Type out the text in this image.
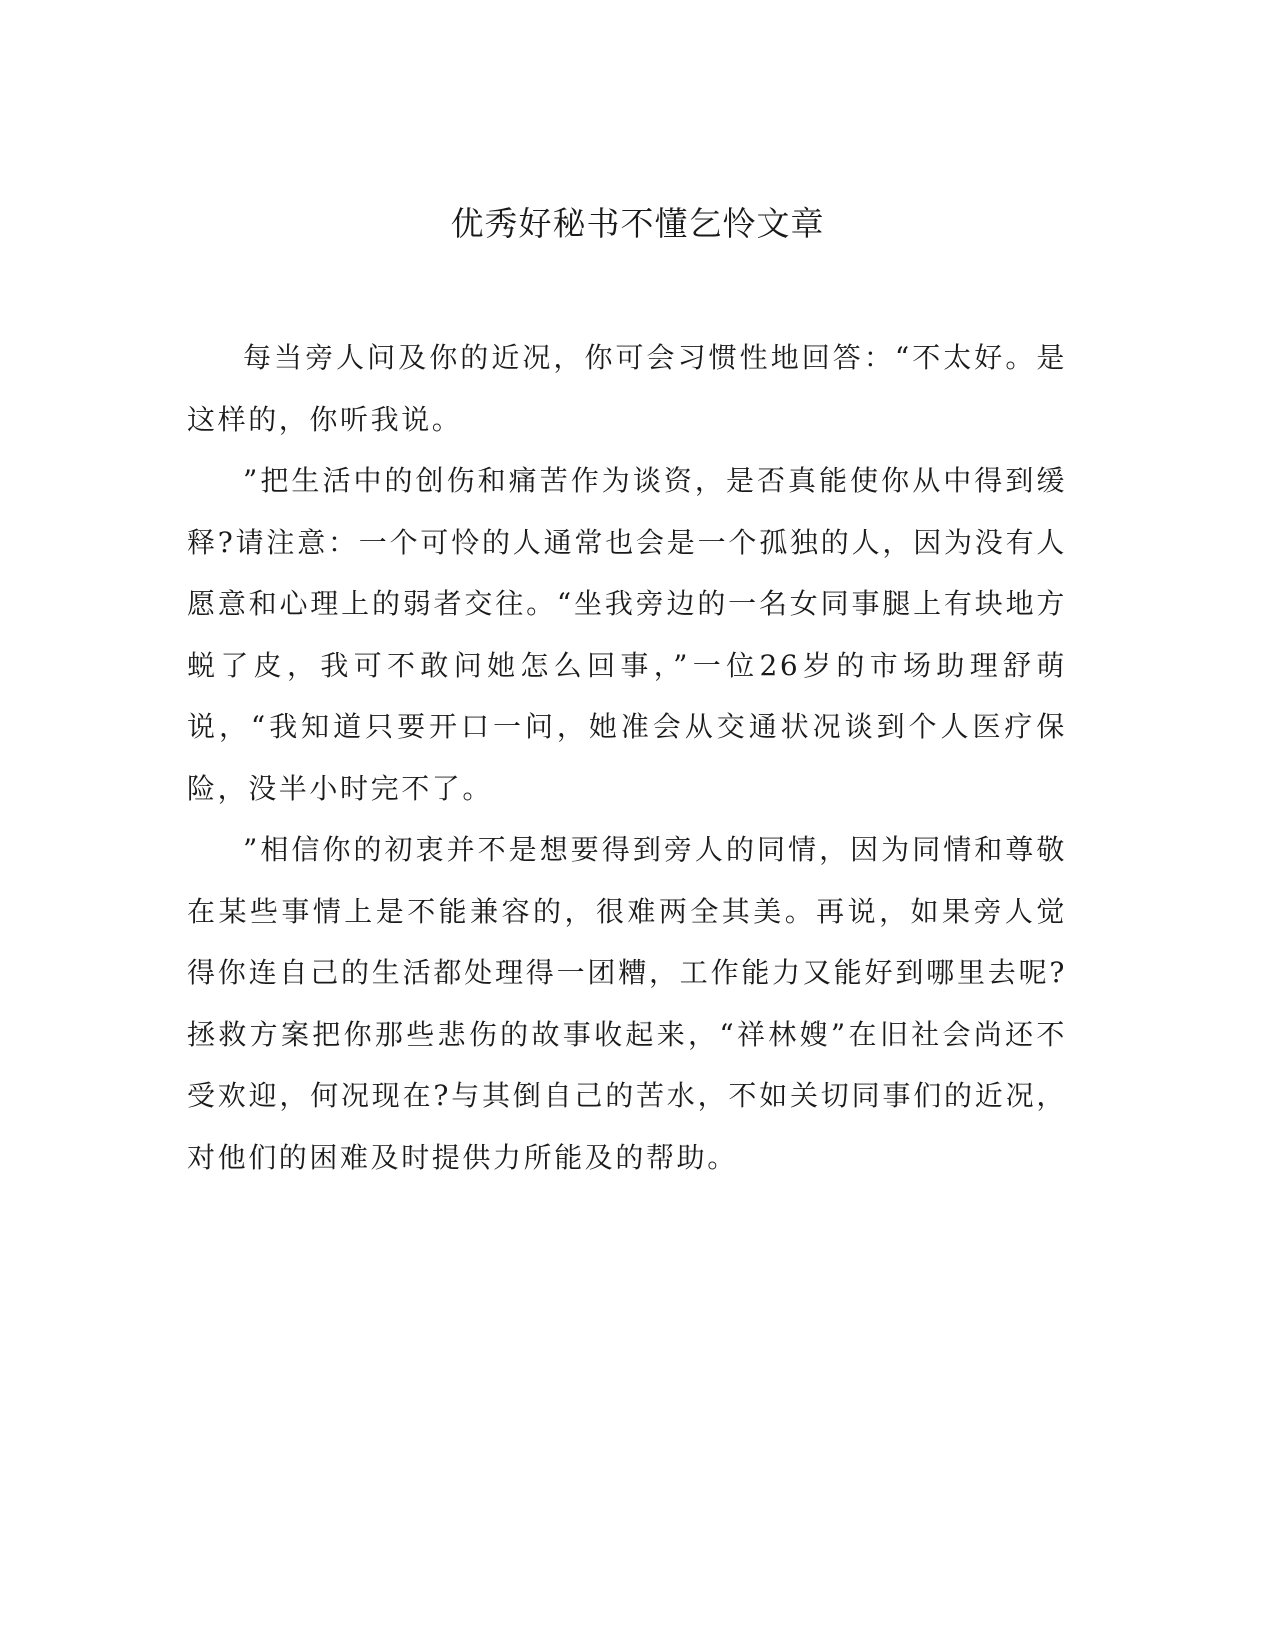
优秀好秘书不懂乞怜文章

每当旁人问及你的近况，你可会习惯性地回答：“不太好。是这样的，你听我说。

”把生活中的创伤和痛苦作为谈资，是否真能使你从中得到缓释?请注意：一个可怜的人通常也会是一个孤独的人，因为没有人愿意和心理上的弱者交往。“坐我旁边的一名女同事腿上有块地方蜕了皮，我可不敢问她怎么回事，”一位26岁的市场助理舒萌说，“我知道只要开口一问，她准会从交通状况谈到个人医疗保险，没半小时完不了。

”相信你的初衷并不是想要得到旁人的同情，因为同情和尊敬在某些事情上是不能兼容的，很难两全其美。再说，如果旁人觉得你连自己的生活都处理得一团糟，工作能力又能好到哪里去呢?拯救方案把你那些悲伤的故事收起来，“祥林嫂”在旧社会尚还不受欢迎，何况现在?与其倒自己的苦水，不如关切同事们的近况，对他们的困难及时提供力所能及的帮助。
